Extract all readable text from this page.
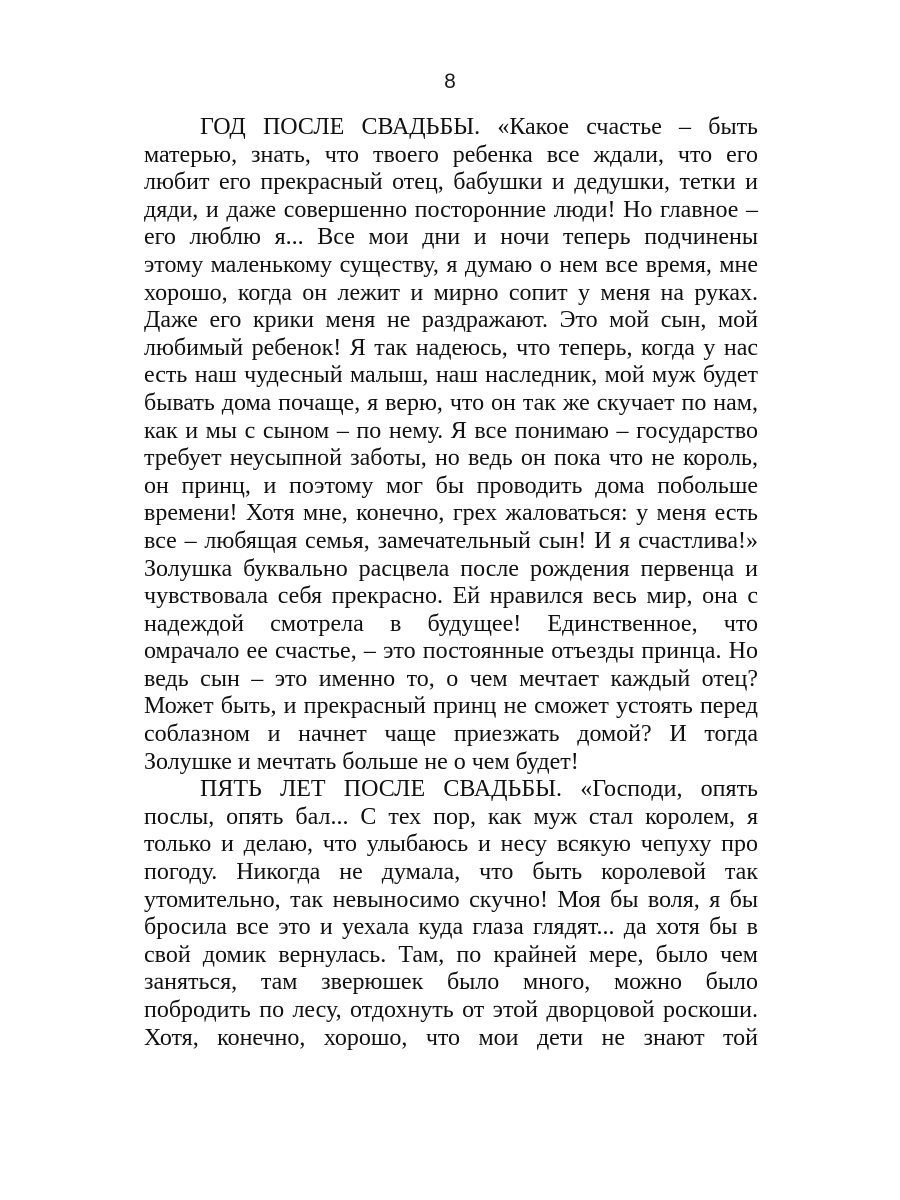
8
ГОД ПОСЛЕ СВАДЬБЫ. «Какое счастье – быть
матерью, знать, что твоего ребенка все ждали, что его
любит его прекрасный отец, бабушки и дедушки, тетки и
дяди, и даже совершенно посторонние люди! Но главное –
его люблю я... Все мои дни и ночи теперь подчинены
этому маленькому существу, я думаю о нем все время, мне
хорошо, когда он лежит и мирно сопит у меня на руках.
Даже его крики меня не раздражают. Это мой сын, мой
любимый ребенок! Я так надеюсь, что теперь, когда у нас
есть наш чудесный малыш, наш наследник, мой муж будет
бывать дома почаще, я верю, что он так же скучает по нам,
как и мы с сыном – по нему. Я все понимаю – государство
требует неусыпной заботы, но ведь он пока что не король,
он принц, и поэтому мог бы проводить дома побольше
времени! Хотя мне, конечно, грех жаловаться: у меня есть
все – любящая семья, замечательный сын! И я счастлива!»
Золушка буквально расцвела после рождения первенца и
чувствовала себя прекрасно. Ей нравился весь мир, она с
надеждой смотрела в будущее! Единственное, что
омрачало ее счастье, – это постоянные отъезды принца. Но
ведь сын – это именно то, о чем мечтает каждый отец?
Может быть, и прекрасный принц не сможет устоять перед
соблазном и начнет чаще приезжать домой? И тогда
Золушке и мечтать больше не о чем будет!
ПЯТЬ ЛЕТ ПОСЛЕ СВАДЬБЫ. «Господи, опять
послы, опять бал... С тех пор, как муж стал королем, я
только и делаю, что улыбаюсь и несу всякую чепуху про
погоду. Никогда не думала, что быть королевой так
утомительно, так невыносимо скучно! Моя бы воля, я бы
бросила все это и уехала куда глаза глядят... да хотя бы в
свой домик вернулась. Там, по крайней мере, было чем
заняться, там зверюшек было много, можно было
побродить по лесу, отдохнуть от этой дворцовой роскоши.
Хотя, конечно, хорошо, что мои дети не знают той
